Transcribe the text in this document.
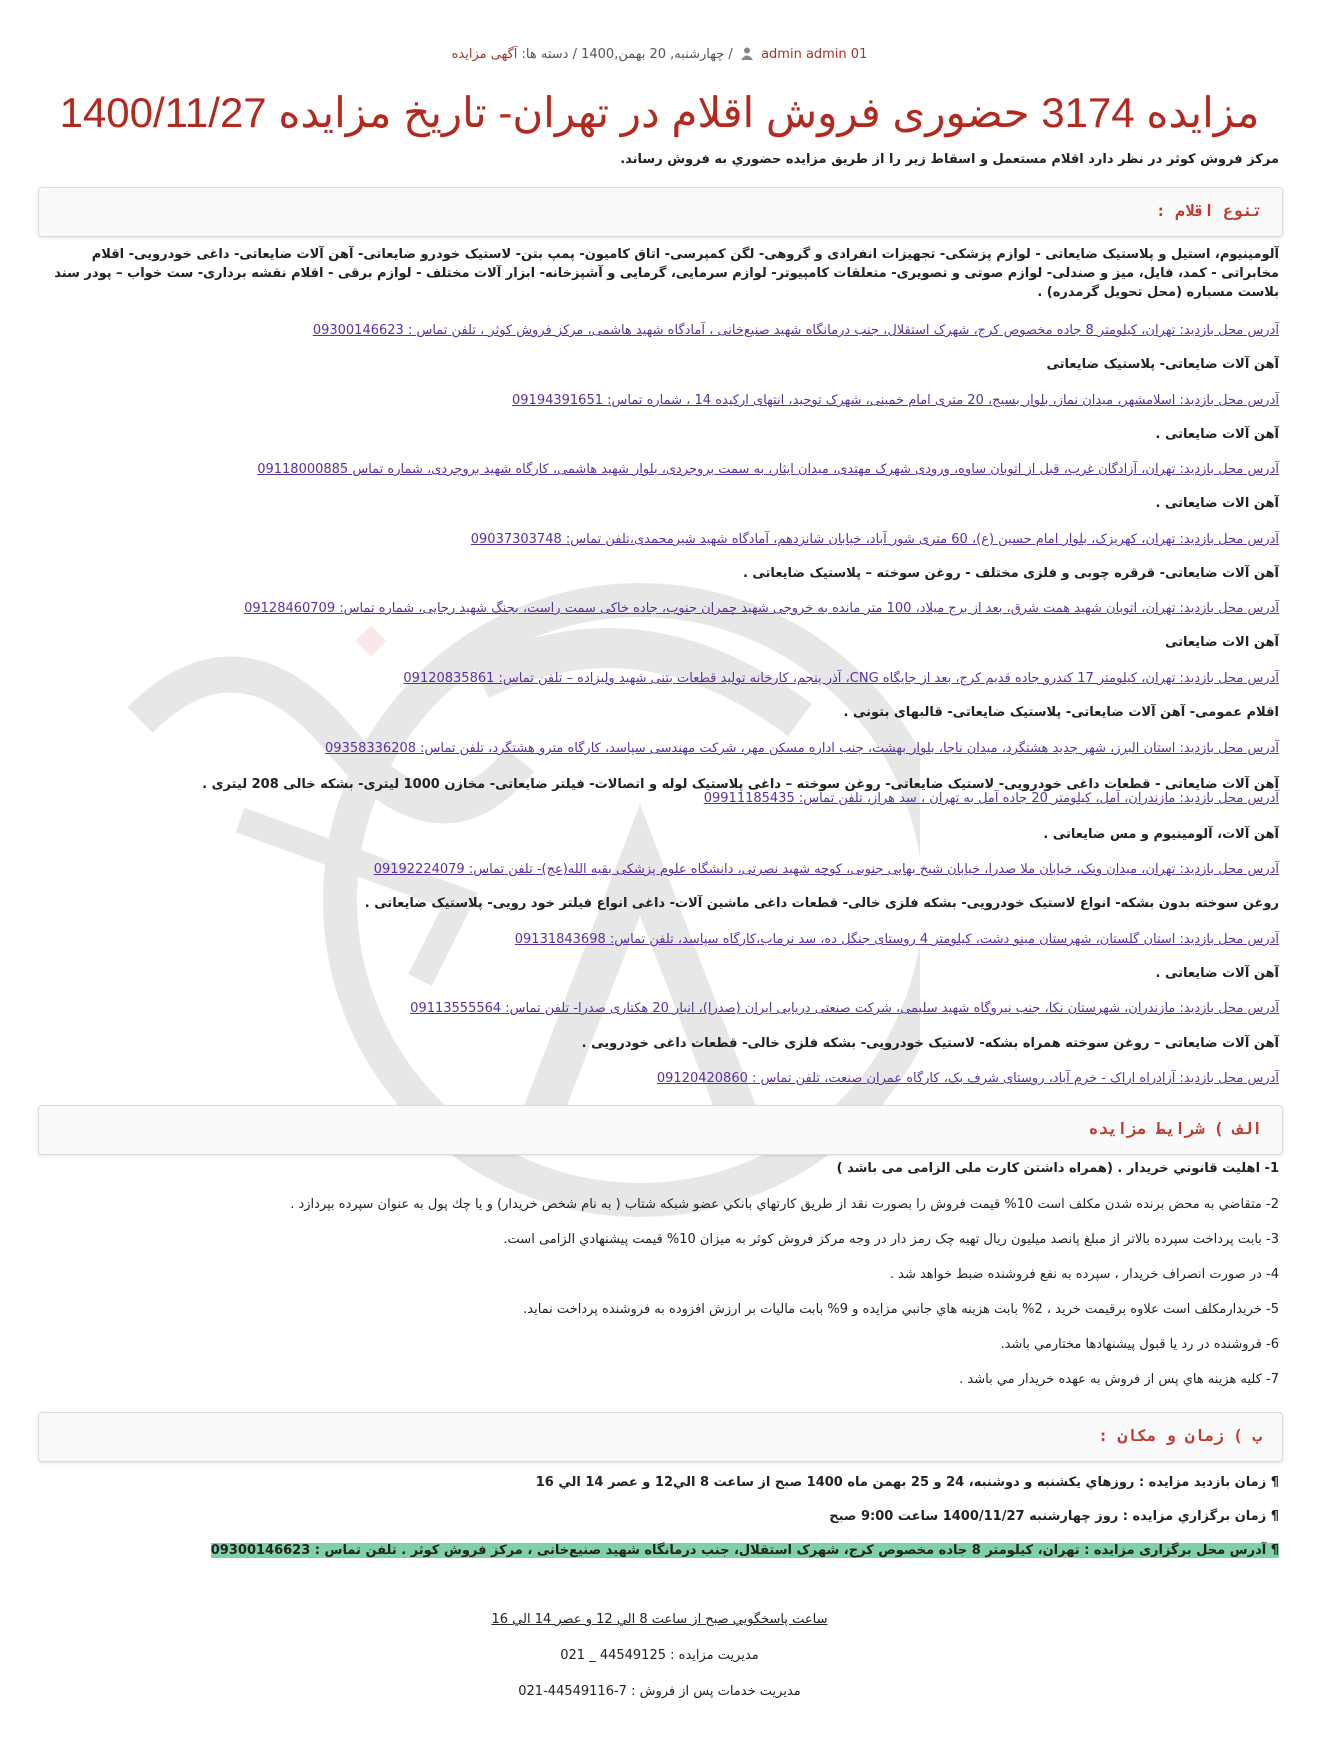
admin admin 01  / چهارشنبه, 20 بهمن,1400 / دسته ها: آگهی مزایده
مزایده 3174 حضوری فروش اقلام در تهران- تاریخ مزایده 1400/11/27
مرکز فروش کوثر در نظر دارد اقلام مستعمل و اسقاط زیر را از طریق مزایده حضوري به فروش رساند.
تنوع اقلام :
آلومینیوم، استیل و پلاستیک ضایعاتی - لوازم پزشکی- تجهیزات انفرادی و گروهی- لگن کمپرسی- اتاق کامیون- پمپ بتن- لاستیک خودرو ضایعاتی- آهن آلات ضایعاتی- داغی خودرویی- اقلام مخابراتی - کمد، فایل، میز و صندلی- لوازم صوتی و تصویری- متعلقات کامپیوتر- لوازم سرمایی، گرمایی و آشپزخانه- ابزار آلات مختلف - لوازم برقی - اقلام نقشه برداری- ست خواب – پودر سند بلاست مسباره (محل تحویل گرمدره) .
آدرس محل بازدید: تهران، کیلومتر 8 جاده مخصوص کرج، شهرک استقلال، جنب درمانگاه شهید صنیع‌خانی ، آمادگاه شهید هاشمی، مرکز فروش کوثر ، تلفن تماس : 09300146623
آهن آلات ضایعاتی- پلاستیک ضایعاتی
آدرس محل بازدید: اسلامشهر، میدان نماز، بلوار بسیج، 20 متری امام خمینی، شهرک توحید، انتهای ارکیده 14 ، شماره تماس: 09194391651
آهن آلات ضایعاتی .
آدرس محل بازدید: تهران، آزادگان غرب، قبل از اتوبان ساوه، ورودی شهرک مهتدی، میدان ایثار، به سمت بروجردی، بلوار شهید هاشمی، کارگاه شهید بروجردی، شماره تماس 09118000885
آهن الات ضایعاتی .
آدرس محل بازدید: تهران، کهریزک، بلوار امام حسین (ع)، 60 متری شور آباد، خیابان شانزدهم، آمادگاه شهید شیرمحمدی،تلفن تماس: 09037303748
آهن آلات ضایعاتی- قرقره چوبی و فلزی مختلف - روغن سوخته – پلاستیک ضایعاتی .
آدرس محل بازدید: تهران، اتوبان شهید همت شرق، بعد از برج میلاد، 100 متر مانده به خروجی شهید چمران جنوب، جاده خاکی سمت راست، بجنگ شهید رجایی، شماره تماس: 09128460709
آهن الات ضایعاتی
آدرس محل بازدید: تهران، کیلومتر 17 کندرو جاده قدیم کرج، بعد از جایگاه CNG، آذر پنجم، کارخانه تولید قطعات بتنی شهید ولیزاده – تلفن تماس: 09120835861
اقلام عمومی- آهن آلات ضایعاتی- پلاستیک ضایعاتی- قالبهای بتونی .
آدرس محل بازدید: استان البرز، شهر جدید هشتگرد، میدان ناجا، بلوار بهشت، جنب اداره مسکن مهر، شرکت مهندسی سپاسد، کارگاه مترو هشتگرد، تلفن تماس: 09358336208
آهن آلات ضایعاتی - قطعات داغی خودرویی- لاستیک ضایعاتی- روغن سوخته – داغی پلاستیک لوله و اتصالات- فیلتر ضایعاتی- مخازن 1000 لیتری- بشکه خالی 208 لیتری .
آدرس محل بازدید: مازندران، آمل، کیلومتر 20 جاده آمل به تهران ، سد هراز، تلفن تماس: 09911185435
آهن آلات، آلومینیوم و مس ضایعاتی .
آدرس محل بازدید: تهران، میدان ونک، خیابان ملا صدرا، خیابان شیخ بهایی جنوبی، کوچه شهید نصرتی، دانشگاه علوم پزشکی بقیه الله(عج)- تلفن تماس: 09192224079
روغن سوخته بدون بشکه- انواع لاستیک خودرویی- بشکه فلزی خالی- قطعات داغی ماشین آلات- داغی انواع فیلتر خود رویی- پلاستیک ضایعاتی .
آدرس محل بازدید: استان گلستان، شهرستان مینو دشت، کیلومتر 4 روستای جنگل ده، سد نرماب،کارگاه سپاسد، تلفن تماس: 09131843698
آهن آلات ضایعاتی .
آدرس محل بازدید: مازندران، شهرستان نکا، جنب نیروگاه شهید سلیمی، شرکت صنعتی دریایی ایران (صدرا)، انبار 20 هکتاری صدرا- تلفن تماس: 09113555564
آهن آلات ضایعاتی – روغن سوخته همراه بشکه- لاستیک خودرویی- بشکه فلزی خالی- قطعات داغی خودرویی .
آدرس محل بازدید: آزادراه اراک - خرم آباد، روستای شرف بک، کارگاه عمران صنعت، تلفن تماس : 09120420860
الف ) شرایط مزایده
1- اهليت قانوني خريدار . (همراه داشتن کارت ملی الزامی می باشد )
2- متقاضي به محض برنده شدن مكلف است 10% قيمت فروش را بصورت نقد از طريق كارتهاي بانكي عضو شبكه شتاب ( به نام شخص خريدار) و يا چك پول به عنوان سپرده بپردازد .
3- بابت پرداخت سپرده بالاتر از مبلغ پانصد میلیون ريال تهيه چک رمز دار در وجه مركز فروش كوثر به ميزان 10% قيمت پيشنهادي الزامی است.
4- در صورت انصراف خريدار ، سپرده به نفع فروشنده ضبط خواهد شد .
5- خريدارمكلف است علاوه برقيمت خريد ، 2% بابت هزينه هاي جانبي مزايده و 9% بابت ماليات بر ارزش افزوده به فروشنده پرداخت نمايد.
6- فروشنده در رد يا قبول پيشنهادها مختارمي باشد.
7- كليه هزينه هاي پس از فروش به عهده خريدار مي باشد .
ب ) زمان و مکان :
¶ زمان بازديد مزايده : روزهاي يكشنبه و دوشنبه، 24 و 25 بهمن ماه 1400 صبح از ساعت 8 الي12 و عصر 14 الي 16
¶ زمان برگزاري مزايده : روز چهارشنبه 1400/11/27 ساعت 9:00 صبح
¶ آدرس محل برگزاری مزایده : تهران، کیلومتر 8 جاده مخصوص کرج، شهرک استقلال، جنب درمانگاه شهید صنیع‌خانی ، مرکز فروش کوثر . تلفن تماس : 09300146623
ساعت پاسخگويي صبح از ساعت 8 الي 12 و عصر 14 الي 16
مدیریت مزایده : 44549125 _ 021
مدیریت خدمات پس از فروش : 7-44549116-021
